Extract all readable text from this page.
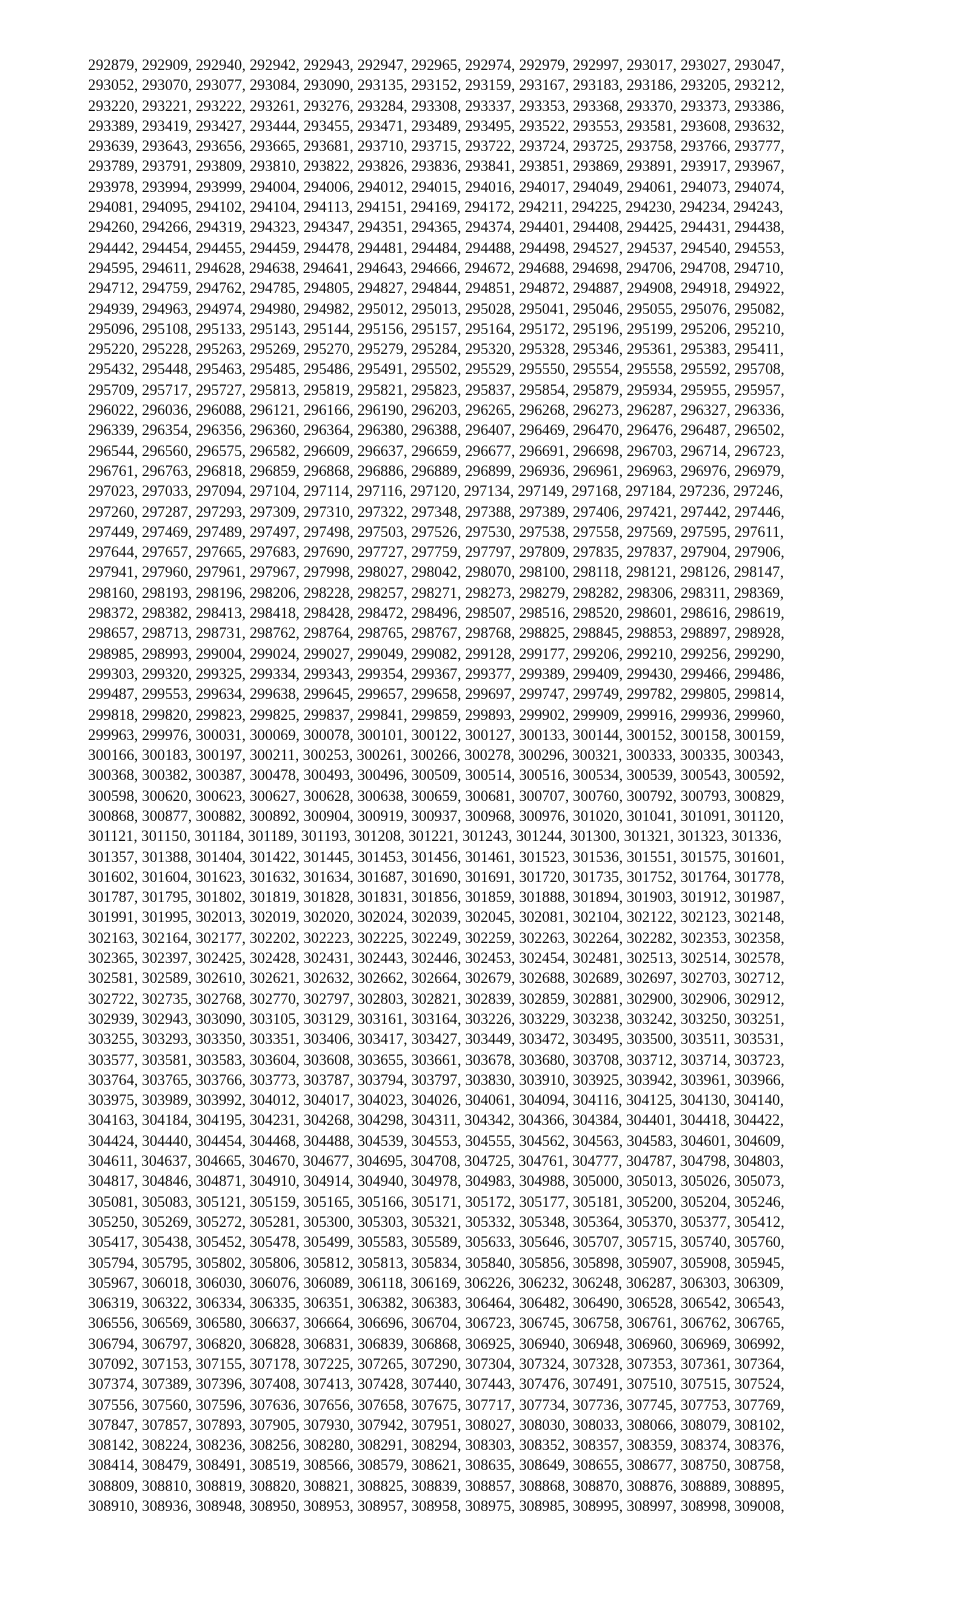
292879, 292909, 292940, 292942, 292943, 292947, 292965, 292974, 292979, 292997, 293017, 293027, 293047,
293052, 293070, 293077, 293084, 293090, 293135, 293152, 293159, 293167, 293183, 293186, 293205, 293212,
293220, 293221, 293222, 293261, 293276, 293284, 293308, 293337, 293353, 293368, 293370, 293373, 293386,
293389, 293419, 293427, 293444, 293455, 293471, 293489, 293495, 293522, 293553, 293581, 293608, 293632,
293639, 293643, 293656, 293665, 293681, 293710, 293715, 293722, 293724, 293725, 293758, 293766, 293777,
293789, 293791, 293809, 293810, 293822, 293826, 293836, 293841, 293851, 293869, 293891, 293917, 293967,
293978, 293994, 293999, 294004, 294006, 294012, 294015, 294016, 294017, 294049, 294061, 294073, 294074,
294081, 294095, 294102, 294104, 294113, 294151, 294169, 294172, 294211, 294225, 294230, 294234, 294243,
294260, 294266, 294319, 294323, 294347, 294351, 294365, 294374, 294401, 294408, 294425, 294431, 294438,
294442, 294454, 294455, 294459, 294478, 294481, 294484, 294488, 294498, 294527, 294537, 294540, 294553,
294595, 294611, 294628, 294638, 294641, 294643, 294666, 294672, 294688, 294698, 294706, 294708, 294710,
294712, 294759, 294762, 294785, 294805, 294827, 294844, 294851, 294872, 294887, 294908, 294918, 294922,
294939, 294963, 294974, 294980, 294982, 295012, 295013, 295028, 295041, 295046, 295055, 295076, 295082,
295096, 295108, 295133, 295143, 295144, 295156, 295157, 295164, 295172, 295196, 295199, 295206, 295210,
295220, 295228, 295263, 295269, 295270, 295279, 295284, 295320, 295328, 295346, 295361, 295383, 295411,
295432, 295448, 295463, 295485, 295486, 295491, 295502, 295529, 295550, 295554, 295558, 295592, 295708,
295709, 295717, 295727, 295813, 295819, 295821, 295823, 295837, 295854, 295879, 295934, 295955, 295957,
296022, 296036, 296088, 296121, 296166, 296190, 296203, 296265, 296268, 296273, 296287, 296327, 296336,
296339, 296354, 296356, 296360, 296364, 296380, 296388, 296407, 296469, 296470, 296476, 296487, 296502,
296544, 296560, 296575, 296582, 296609, 296637, 296659, 296677, 296691, 296698, 296703, 296714, 296723,
296761, 296763, 296818, 296859, 296868, 296886, 296889, 296899, 296936, 296961, 296963, 296976, 296979,
297023, 297033, 297094, 297104, 297114, 297116, 297120, 297134, 297149, 297168, 297184, 297236, 297246,
297260, 297287, 297293, 297309, 297310, 297322, 297348, 297388, 297389, 297406, 297421, 297442, 297446,
297449, 297469, 297489, 297497, 297498, 297503, 297526, 297530, 297538, 297558, 297569, 297595, 297611,
297644, 297657, 297665, 297683, 297690, 297727, 297759, 297797, 297809, 297835, 297837, 297904, 297906,
297941, 297960, 297961, 297967, 297998, 298027, 298042, 298070, 298100, 298118, 298121, 298126, 298147,
298160, 298193, 298196, 298206, 298228, 298257, 298271, 298273, 298279, 298282, 298306, 298311, 298369,
298372, 298382, 298413, 298418, 298428, 298472, 298496, 298507, 298516, 298520, 298601, 298616, 298619,
298657, 298713, 298731, 298762, 298764, 298765, 298767, 298768, 298825, 298845, 298853, 298897, 298928,
298985, 298993, 299004, 299024, 299027, 299049, 299082, 299128, 299177, 299206, 299210, 299256, 299290,
299303, 299320, 299325, 299334, 299343, 299354, 299367, 299377, 299389, 299409, 299430, 299466, 299486,
299487, 299553, 299634, 299638, 299645, 299657, 299658, 299697, 299747, 299749, 299782, 299805, 299814,
299818, 299820, 299823, 299825, 299837, 299841, 299859, 299893, 299902, 299909, 299916, 299936, 299960,
299963, 299976, 300031, 300069, 300078, 300101, 300122, 300127, 300133, 300144, 300152, 300158, 300159,
300166, 300183, 300197, 300211, 300253, 300261, 300266, 300278, 300296, 300321, 300333, 300335, 300343,
300368, 300382, 300387, 300478, 300493, 300496, 300509, 300514, 300516, 300534, 300539, 300543, 300592,
300598, 300620, 300623, 300627, 300628, 300638, 300659, 300681, 300707, 300760, 300792, 300793, 300829,
300868, 300877, 300882, 300892, 300904, 300919, 300937, 300968, 300976, 301020, 301041, 301091, 301120,
301121, 301150, 301184, 301189, 301193, 301208, 301221, 301243, 301244, 301300, 301321, 301323, 301336,
301357, 301388, 301404, 301422, 301445, 301453, 301456, 301461, 301523, 301536, 301551, 301575, 301601,
301602, 301604, 301623, 301632, 301634, 301687, 301690, 301691, 301720, 301735, 301752, 301764, 301778,
301787, 301795, 301802, 301819, 301828, 301831, 301856, 301859, 301888, 301894, 301903, 301912, 301987,
301991, 301995, 302013, 302019, 302020, 302024, 302039, 302045, 302081, 302104, 302122, 302123, 302148,
302163, 302164, 302177, 302202, 302223, 302225, 302249, 302259, 302263, 302264, 302282, 302353, 302358,
302365, 302397, 302425, 302428, 302431, 302443, 302446, 302453, 302454, 302481, 302513, 302514, 302578,
302581, 302589, 302610, 302621, 302632, 302662, 302664, 302679, 302688, 302689, 302697, 302703, 302712,
302722, 302735, 302768, 302770, 302797, 302803, 302821, 302839, 302859, 302881, 302900, 302906, 302912,
302939, 302943, 303090, 303105, 303129, 303161, 303164, 303226, 303229, 303238, 303242, 303250, 303251,
303255, 303293, 303350, 303351, 303406, 303417, 303427, 303449, 303472, 303495, 303500, 303511, 303531,
303577, 303581, 303583, 303604, 303608, 303655, 303661, 303678, 303680, 303708, 303712, 303714, 303723,
303764, 303765, 303766, 303773, 303787, 303794, 303797, 303830, 303910, 303925, 303942, 303961, 303966,
303975, 303989, 303992, 304012, 304017, 304023, 304026, 304061, 304094, 304116, 304125, 304130, 304140,
304163, 304184, 304195, 304231, 304268, 304298, 304311, 304342, 304366, 304384, 304401, 304418, 304422,
304424, 304440, 304454, 304468, 304488, 304539, 304553, 304555, 304562, 304563, 304583, 304601, 304609,
304611, 304637, 304665, 304670, 304677, 304695, 304708, 304725, 304761, 304777, 304787, 304798, 304803,
304817, 304846, 304871, 304910, 304914, 304940, 304978, 304983, 304988, 305000, 305013, 305026, 305073,
305081, 305083, 305121, 305159, 305165, 305166, 305171, 305172, 305177, 305181, 305200, 305204, 305246,
305250, 305269, 305272, 305281, 305300, 305303, 305321, 305332, 305348, 305364, 305370, 305377, 305412,
305417, 305438, 305452, 305478, 305499, 305583, 305589, 305633, 305646, 305707, 305715, 305740, 305760,
305794, 305795, 305802, 305806, 305812, 305813, 305834, 305840, 305856, 305898, 305907, 305908, 305945,
305967, 306018, 306030, 306076, 306089, 306118, 306169, 306226, 306232, 306248, 306287, 306303, 306309,
306319, 306322, 306334, 306335, 306351, 306382, 306383, 306464, 306482, 306490, 306528, 306542, 306543,
306556, 306569, 306580, 306637, 306664, 306696, 306704, 306723, 306745, 306758, 306761, 306762, 306765,
306794, 306797, 306820, 306828, 306831, 306839, 306868, 306925, 306940, 306948, 306960, 306969, 306992,
307092, 307153, 307155, 307178, 307225, 307265, 307290, 307304, 307324, 307328, 307353, 307361, 307364,
307374, 307389, 307396, 307408, 307413, 307428, 307440, 307443, 307476, 307491, 307510, 307515, 307524,
307556, 307560, 307596, 307636, 307656, 307658, 307675, 307717, 307734, 307736, 307745, 307753, 307769,
307847, 307857, 307893, 307905, 307930, 307942, 307951, 308027, 308030, 308033, 308066, 308079, 308102,
308142, 308224, 308236, 308256, 308280, 308291, 308294, 308303, 308352, 308357, 308359, 308374, 308376,
308414, 308479, 308491, 308519, 308566, 308579, 308621, 308635, 308649, 308655, 308677, 308750, 308758,
308809, 308810, 308819, 308820, 308821, 308825, 308839, 308857, 308868, 308870, 308876, 308889, 308895,
308910, 308936, 308948, 308950, 308953, 308957, 308958, 308975, 308985, 308995, 308997, 308998, 309008,
